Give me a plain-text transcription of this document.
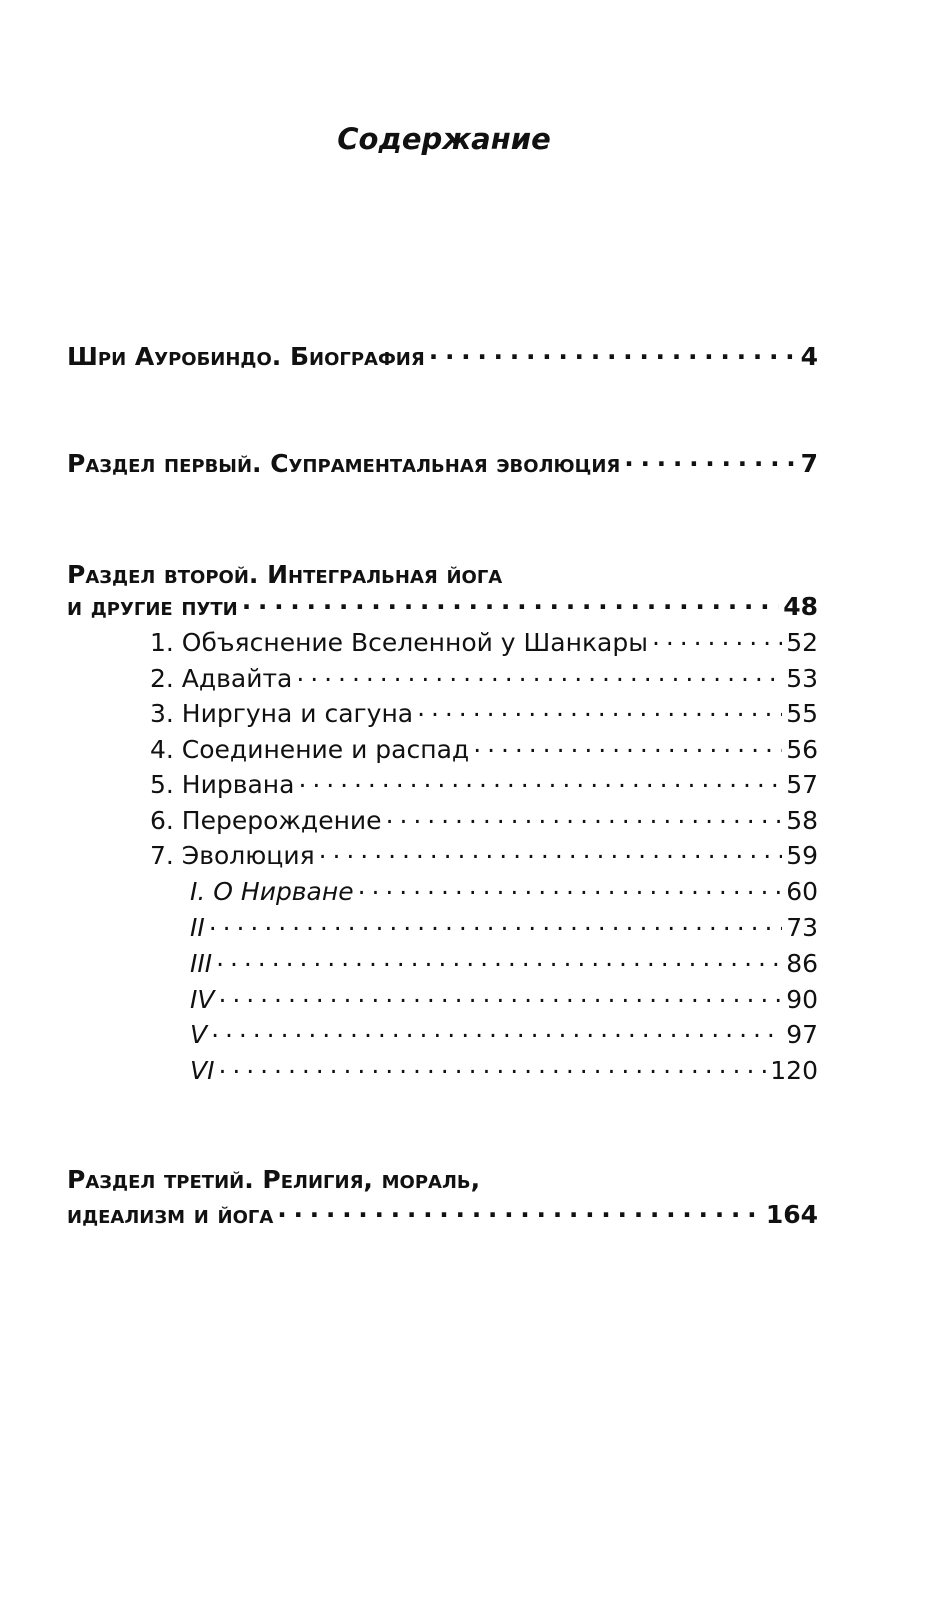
Содержание
Шри Ауробиндо. Биография . . .	4
Раздел первый. Супраментальная эволюция . . .	7
Раздел второй. Интегральная йога
и другие пути . . .	48
1. Объяснение Вселенной у Шанкары . . .	52
2. Адвайта . . .	53
3. Ниргуна и сагуна . . .	55
4. Соединение и распад . . .	56
5. Нирвана . . .	57
6. Перерождение . . .	58
7. Эволюция . . .	59
I. О Нирване . . .	60
II . . .	73
III . . .	86
IV . . .	90
V . . .	97
VI . . .	120
Раздел третий. Религия, мораль,
идеализм и йога . . .	164
